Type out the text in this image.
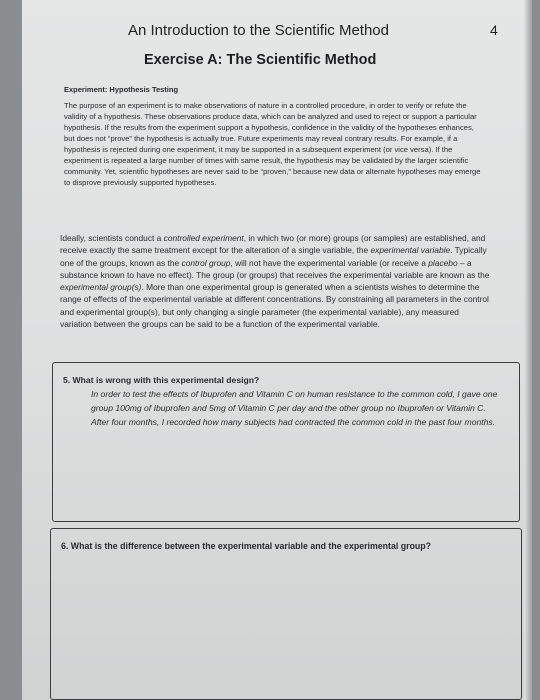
An Introduction to the Scientific Method	4
Exercise A: The Scientific Method
Experiment: Hypothesis Testing

The purpose of an experiment is to make observations of nature in a controlled procedure, in order to verify or refute the validity of a hypothesis. These observations produce data, which can be analyzed and used to reject or support a particular hypothesis. If the results from the experiment support a hypothesis, confidence in the validity of the hypotheses enhances, but does not “prove” the hypothesis is actually true. Future experiments may reveal contrary results. For example, if a hypothesis is rejected during one experiment, it may be supported in a subsequent experiment (or vice versa). If the experiment is repeated a large number of times with same result, the hypothesis may be validated by the larger scientific community. Yet, scientific hypotheses are never said to be “proven,” because new data or alternate hypotheses may emerge to disprove previously supported hypotheses.

Ideally, scientists conduct a controlled experiment, in which two (or more) groups (or samples) are established, and receive exactly the same treatment except for the alteration of a single variable, the experimental variable. Typically one of the groups, known as the control group, will not have the experimental variable (or receive a placebo – a substance known to have no effect). The group (or groups) that receives the experimental variable are known as the experimental group(s). More than one experimental group is generated when a scientists wishes to determine the range of effects of the experimental variable at different concentrations. By constraining all parameters in the control and experimental group(s), but only changing a single parameter (the experimental variable), any measured variation between the groups can be said to be a function of the experimental variable.

5. What is wrong with this experimental design?
In order to test the effects of Ibuprofen and Vitamin C on human resistance to the common cold, I gave one group 100mg of Ibuprofen and 5mg of Vitamin C per day and the other group no Ibuprofen or Vitamin C. After four months, I recorded how many subjects had contracted the common cold in the past four months.
6. What is the difference between the experimental variable and the experimental group?
